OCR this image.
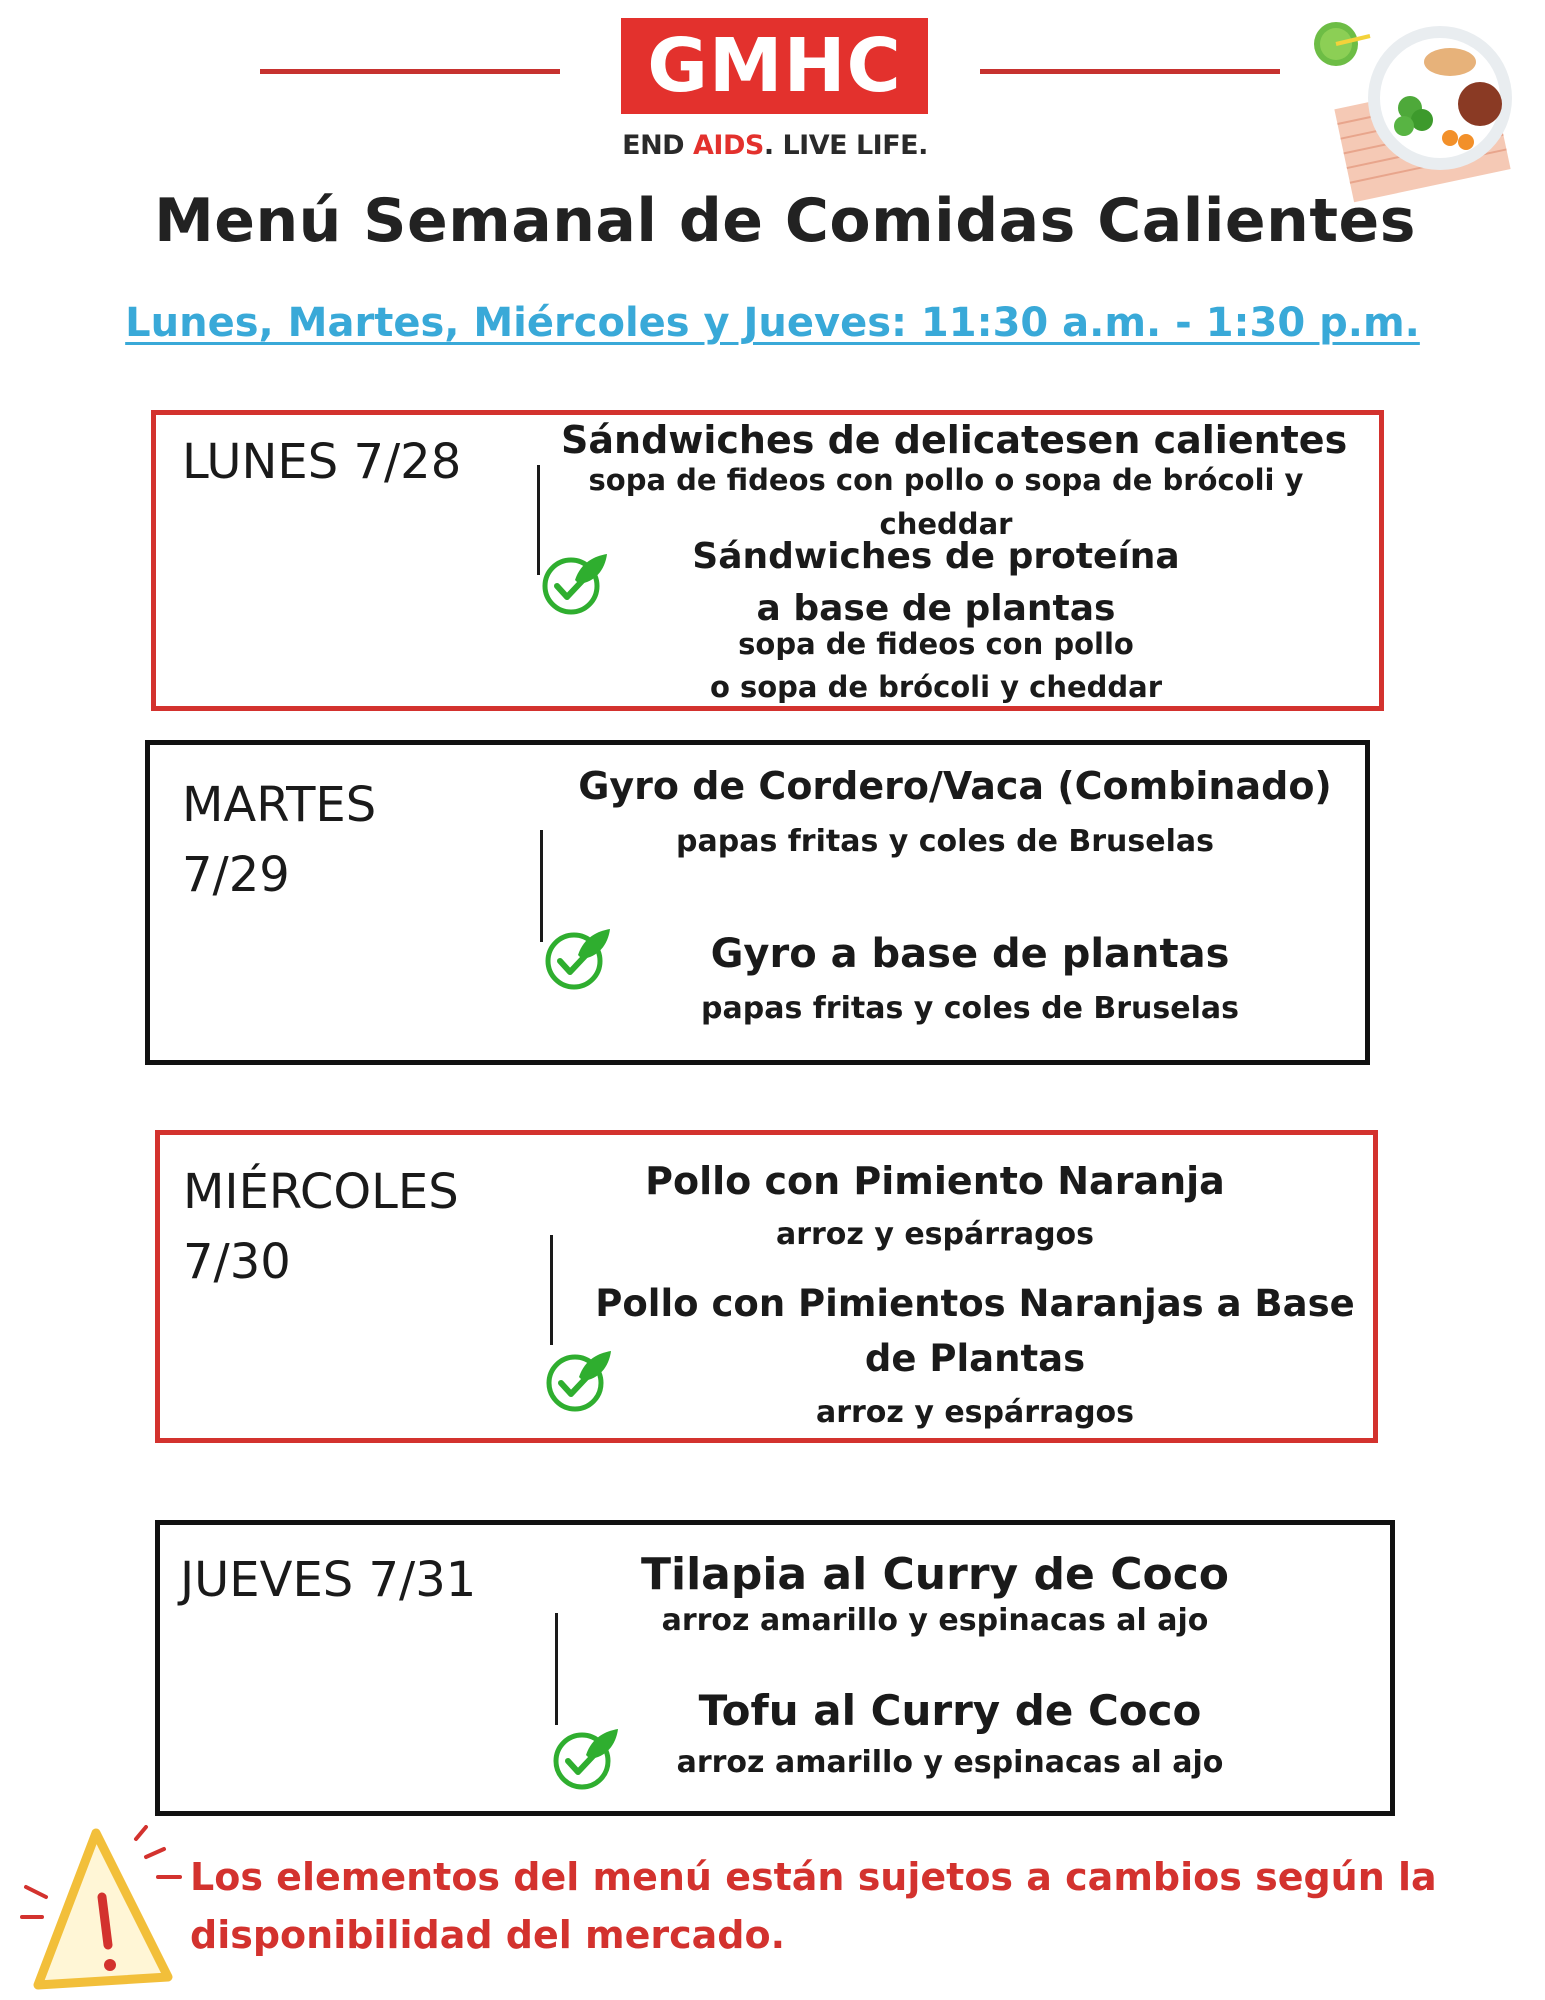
GMHC
END AIDS. LIVE LIFE.
Menú Semanal de Comidas Calientes
Lunes, Martes, Miércoles y Jueves: 11:30 a.m. - 1:30 p.m.
LUNES 7/28	Sándwiches de delicatesen calientes
sopa de fideos con pollo o sopa de brócoli y
cheddar
Sándwiches de proteína
a base de plantas
sopa de fideos con pollo
o sopa de brócoli y cheddar
MARTES
7/29
Gyro de Cordero/Vaca (Combinado)
papas fritas y coles de Bruselas
Gyro a base de plantas
papas fritas y coles de Bruselas
MIÉRCOLES
7/30
Pollo con Pimiento Naranja
arroz y espárragos
Pollo con Pimientos Naranjas a Base
de Plantas
arroz y espárragos
JUEVES 7/31	Tilapia al Curry de Coco
arroz amarillo y espinacas al ajo
Tofu al Curry de Coco
arroz amarillo y espinacas al ajo
Los elementos del menú están sujetos a cambios según la
disponibilidad del mercado.
